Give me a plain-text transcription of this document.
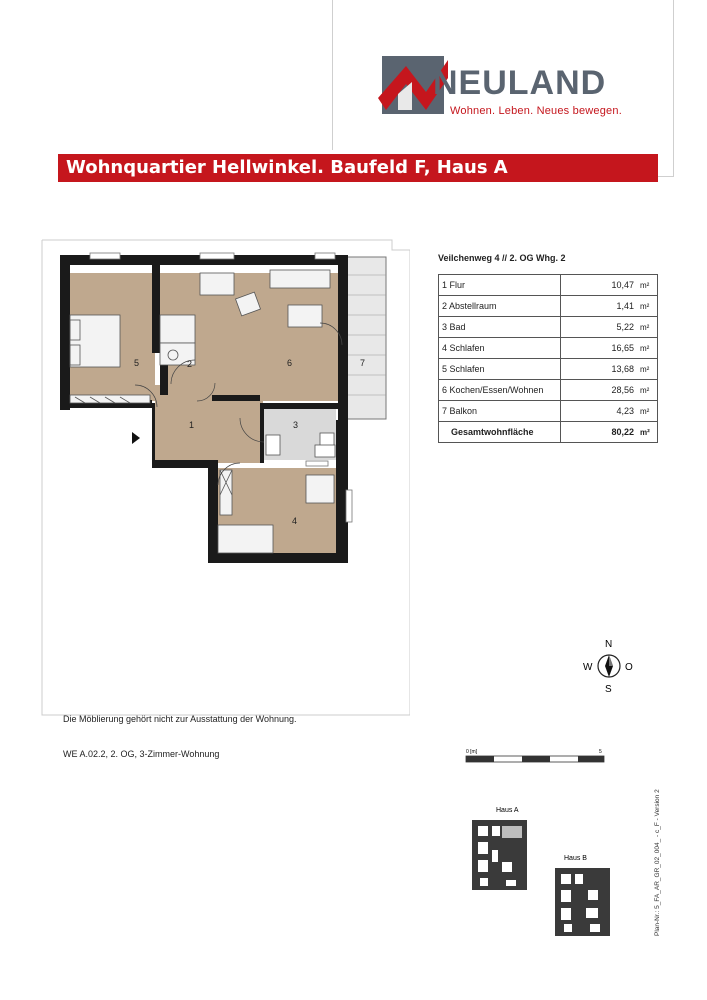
NEULAND
Wohnen. Leben. Neues bewegen.
Wohnquartier Hellwinkel. Baufeld F, Haus A
5	2	6	7
1	3
4
Veilchenweg 4 // 2. OG Whg. 2
1 Flur	10,47	m²
2 Abstellraum	1,41	m²
3 Bad	5,22	m²
4 Schlafen	16,65	m²
5 Schlafen	13,68	m²
6 Kochen/Essen/Wohnen	28,56	m²
7 Balkon	4,23	m²
Gesamtwohnfläche	80,22	m²
N
S
W	O
Die Möblierung gehört nicht zur Ausstattung der Wohnung.
WE A.02.2, 2. OG, 3-Zimmer-Wohnung	0 [m]	5
Plan-Nr.: 5_FA_AR_GR_02_004_ - c_F - Version 2
Haus A
Haus B
